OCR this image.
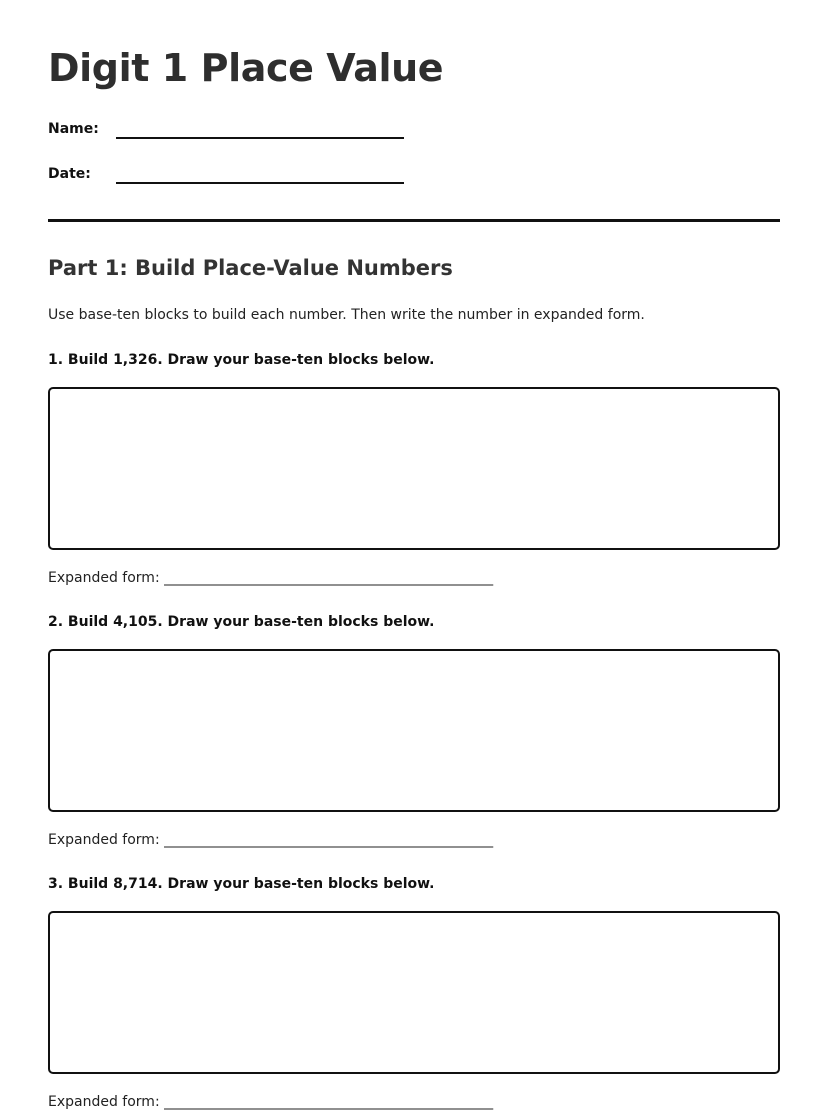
Digit 1 Place Value
Name:
Date:
Part 1: Build Place-Value Numbers

Use base-ten blocks to build each number. Then write the number in expanded form.

1. Build 1,326. Draw your base-ten blocks below.

Expanded form: _______________________________________________

2. Build 4,105. Draw your base-ten blocks below.

Expanded form: _______________________________________________

3. Build 8,714. Draw your base-ten blocks below.

Expanded form: _______________________________________________
